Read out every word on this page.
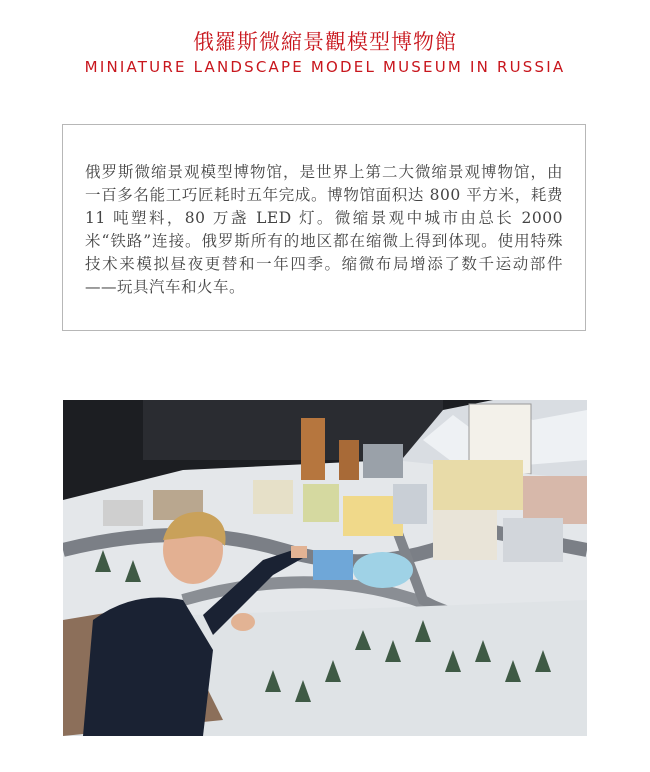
俄羅斯微縮景觀模型博物館
MINIATURE LANDSCAPE MODEL MUSEUM IN RUSSIA

俄罗斯微缩景观模型博物馆，是世界上第二大微缩景观博物馆，由一百多名能工巧匠耗时五年完成。博物馆面积达 800 平方米，耗费 11 吨塑料，80 万盏 LED 灯。微缩景观中城市由总长 2000 米“铁路”连接。俄罗斯所有的地区都在缩微上得到体现。使用特殊技术来模拟昼夜更替和一年四季。缩微布局增添了数千运动部件——玩具汽车和火车。
